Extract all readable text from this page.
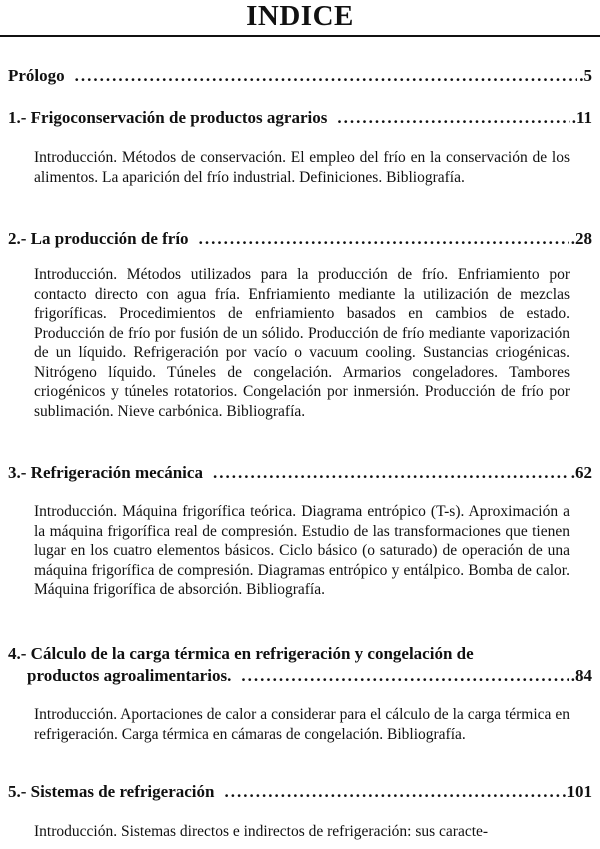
INDICE
Prólogo .....	.5
1.- Frigoconservación de productos agrarios .....	.11
Introducción. Métodos de conservación. El empleo del frío en la conservación de los alimentos. La aparición del frío industrial. Definiciones. Bibliografía.
2.- La producción de frío .....	.28
Introducción. Métodos utilizados para la producción de frío. Enfriamiento por contacto directo con agua fría. Enfriamiento mediante la utilización de mezclas frigoríficas. Procedimientos de enfriamiento basados en cambios de estado. Producción de frío por fusión de un sólido. Producción de frío mediante vaporización de un líquido. Refrigeración por vacío o vacuum cooling. Sustancias criogénicas. Nitrógeno líquido. Túneles de congelación. Armarios congeladores. Tambores criogénicos y túneles rotatorios. Congelación por inmersión. Producción de frío por sublimación. Nieve carbónica. Bibliografía.
3.- Refrigeración mecánica .....	.62
Introducción. Máquina frigorífica teórica. Diagrama entrópico (T-s). Aproximación a la máquina frigorífica real de compresión. Estudio de las transformaciones que tienen lugar en los cuatro elementos básicos. Ciclo básico (o saturado) de operación de una máquina frigorífica de compresión. Diagramas entrópico y entálpico. Bomba de calor. Máquina frigorífica de absorción. Bibliografía.
4.- Cálculo de la carga térmica en refrigeración y congelación de
productos agroalimentarios. .....	.84
Introducción. Aportaciones de calor a considerar para el cálculo de la carga térmica en refrigeración. Carga térmica en cámaras de congelación. Bibliografía.
5.- Sistemas de refrigeración .....	.101
Introducción. Sistemas directos e indirectos de refrigeración: sus caracte-
